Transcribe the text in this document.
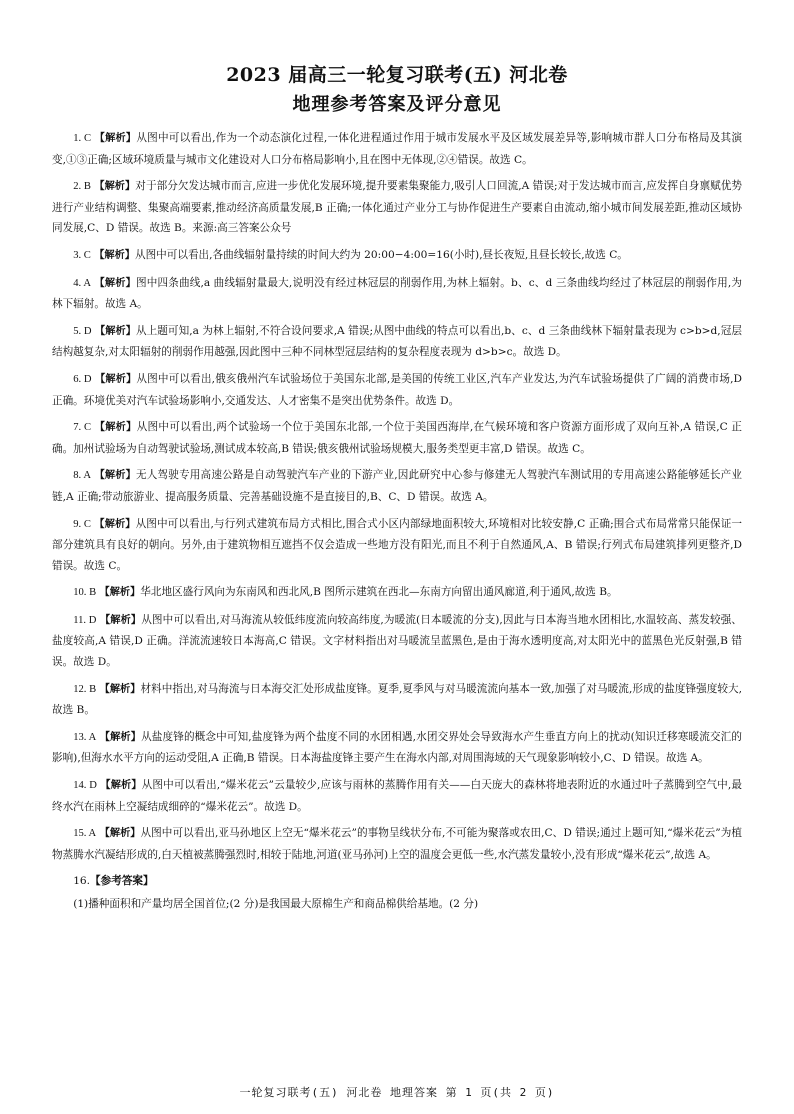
2023 届高三一轮复习联考(五) 河北卷
地理参考答案及评分意见

1. C 【解析】从图中可以看出,作为一个动态演化过程,一体化进程通过作用于城市发展水平及区域发展差异等,影响城市群人口分布格局及其演变,①③正确;区域环境质量与城市文化建设对人口分布格局影响小,且在图中无体现,②④错误。故选 C。

2. B 【解析】对于部分欠发达城市而言,应进一步优化发展环境,提升要素集聚能力,吸引人口回流,A 错误;对于发达城市而言,应发挥自身禀赋优势进行产业结构调整、集聚高端要素,推动经济高质量发展,B 正确;一体化通过产业分工与协作促进生产要素自由流动,缩小城市间发展差距,推动区域协同发展,C、D 错误。故选 B。来源:高三答案公众号

3. C 【解析】从图中可以看出,各曲线辐射量持续的时间大约为 20:00−4:00=16(小时),昼长夜短,且昼长较长,故选 C。

4. A 【解析】图中四条曲线,a 曲线辐射量最大,说明没有经过林冠层的削弱作用,为林上辐射。b、c、d 三条曲线均经过了林冠层的削弱作用,为林下辐射。故选 A。

5. D 【解析】从上题可知,a 为林上辐射,不符合设问要求,A 错误;从图中曲线的特点可以看出,b、c、d 三条曲线林下辐射量表现为 c>b>d,冠层结构越复杂,对太阳辐射的削弱作用越强,因此图中三种不同林型冠层结构的复杂程度表现为 d>b>c。故选 D。

6. D 【解析】从图中可以看出,俄亥俄州汽车试验场位于美国东北部,是美国的传统工业区,汽车产业发达,为汽车试验场提供了广阔的消费市场,D 正确。环境优美对汽车试验场影响小,交通发达、人才密集不是突出优势条件。故选 D。

7. C 【解析】从图中可以看出,两个试验场一个位于美国东北部,一个位于美国西海岸,在气候环境和客户资源方面形成了双向互补,A 错误,C 正确。加州试验场为自动驾驶试验场,测试成本较高,B 错误;俄亥俄州试验场规模大,服务类型更丰富,D 错误。故选 C。

8. A 【解析】无人驾驶专用高速公路是自动驾驶汽车产业的下游产业,因此研究中心参与修建无人驾驶汽车测试用的专用高速公路能够延长产业链,A 正确;带动旅游业、提高服务质量、完善基础设施不是直接目的,B、C、D 错误。故选 A。

9. C 【解析】从图中可以看出,与行列式建筑布局方式相比,围合式小区内部绿地面积较大,环境相对比较安静,C 正确;围合式布局常常只能保证一部分建筑具有良好的朝向。另外,由于建筑物相互遮挡不仅会造成一些地方没有阳光,而且不利于自然通风,A、B 错误;行列式布局建筑排列更整齐,D 错误。故选 C。

10. B 【解析】华北地区盛行风向为东南风和西北风,B 图所示建筑在西北—东南方向留出通风廊道,利于通风,故选 B。

11. D 【解析】从图中可以看出,对马海流从较低纬度流向较高纬度,为暖流(日本暖流的分支),因此与日本海当地水团相比,水温较高、蒸发较强、盐度较高,A 错误,D 正确。洋流流速较日本海高,C 错误。文字材料指出对马暖流呈蓝黑色,是由于海水透明度高,对太阳光中的蓝黑色光反射强,B 错误。故选 D。

12. B 【解析】材料中指出,对马海流与日本海交汇处形成盐度锋。夏季,夏季风与对马暖流流向基本一致,加强了对马暖流,形成的盐度锋强度较大,故选 B。

13. A 【解析】从盐度锋的概念中可知,盐度锋为两个盐度不同的水团相遇,水团交界处会导致海水产生垂直方向上的扰动(知识迁移寒暖流交汇的影响),但海水水平方向的运动受阻,A 正确,B 错误。日本海盐度锋主要产生在海水内部,对周围海域的天气现象影响较小,C、D 错误。故选 A。

14. D 【解析】从图中可以看出,“爆米花云”云量较少,应该与雨林的蒸腾作用有关——白天庞大的森林将地表附近的水通过叶子蒸腾到空气中,最终水汽在雨林上空凝结成细碎的“爆米花云”。故选 D。

15. A 【解析】从图中可以看出,亚马孙地区上空无“爆米花云”的事物呈线状分布,不可能为聚落或农田,C、D 错误;通过上题可知,“爆米花云”为植物蒸腾水汽凝结形成的,白天植被蒸腾强烈时,相较于陆地,河道(亚马孙河)上空的温度会更低一些,水汽蒸发量较小,没有形成“爆米花云”,故选 A。

16.【参考答案】

(1)播种面积和产量均居全国首位;(2 分)是我国最大原棉生产和商品棉供给基地。(2 分)

一轮复习联考(五) 河北卷 地理答案 第 1 页(共 2 页)
